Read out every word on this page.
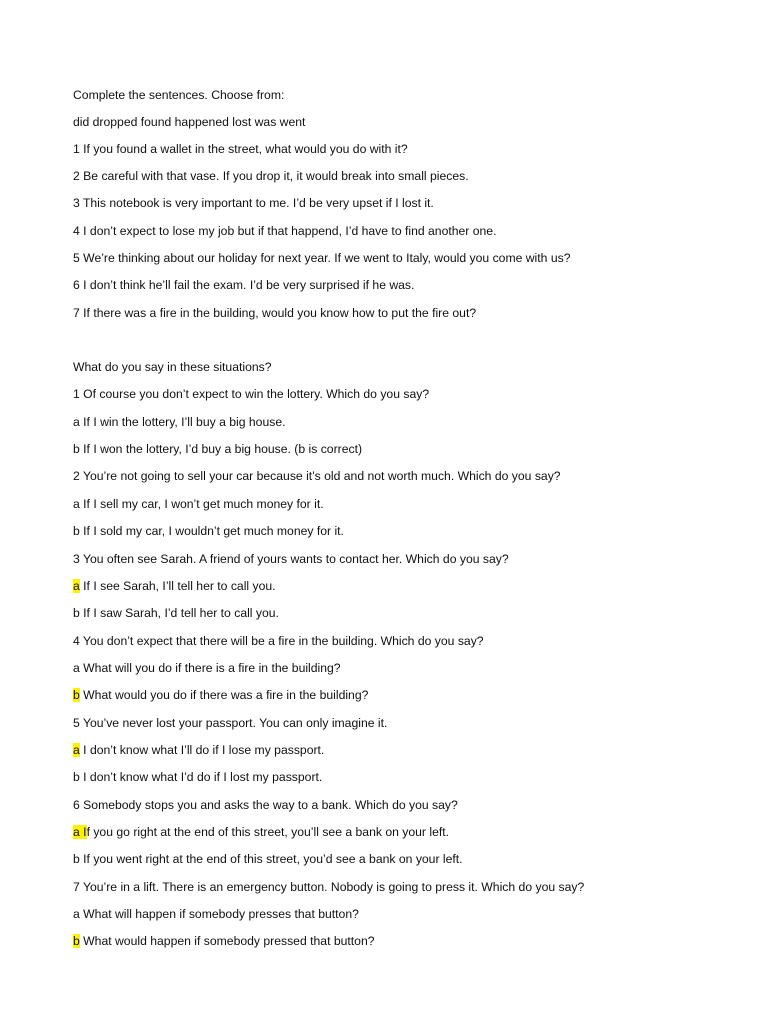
Complete the sentences. Choose from:
did dropped found happened lost was went
1 If you found a wallet in the street, what would you do with it?
2 Be careful with that vase. If you drop it, it would break into small pieces.
3 This notebook is very important to me. I’d be very upset if I lost it.
4 I don’t expect to lose my job but if that happend, I’d have to find another one.
5 We’re thinking about our holiday for next year. If we went to Italy, would you come with us?
6 I don’t think he’ll fail the exam. I’d be very surprised if he was.
7 If there was a fire in the building, would you know how to put the fire out?
What do you say in these situations?
1 Of course you don’t expect to win the lottery. Which do you say?
a If I win the lottery, I’ll buy a big house.
b If I won the lottery, I’d buy a big house. (b is correct)
2 You’re not going to sell your car because it’s old and not worth much. Which do you say?
a If I sell my car, I won’t get much money for it.
b If I sold my car, I wouldn’t get much money for it.
3 You often see Sarah. A friend of yours wants to contact her. Which do you say?
a If I see Sarah, I’ll tell her to call you.
b If I saw Sarah, I’d tell her to call you.
4 You don’t expect that there will be a fire in the building. Which do you say?
a What will you do if there is a fire in the building?
b What would you do if there was a fire in the building?
5 You’ve never lost your passport. You can only imagine it.
a I don’t know what I’ll do if I lose my passport.
b I don’t know what I’d do if I lost my passport.
6 Somebody stops you and asks the way to a bank. Which do you say?
a If you go right at the end of this street, you’ll see a bank on your left.
b If you went right at the end of this street, you’d see a bank on your left.
7 You’re in a lift. There is an emergency button. Nobody is going to press it. Which do you say?
a What will happen if somebody presses that button?
b What would happen if somebody pressed that button?
